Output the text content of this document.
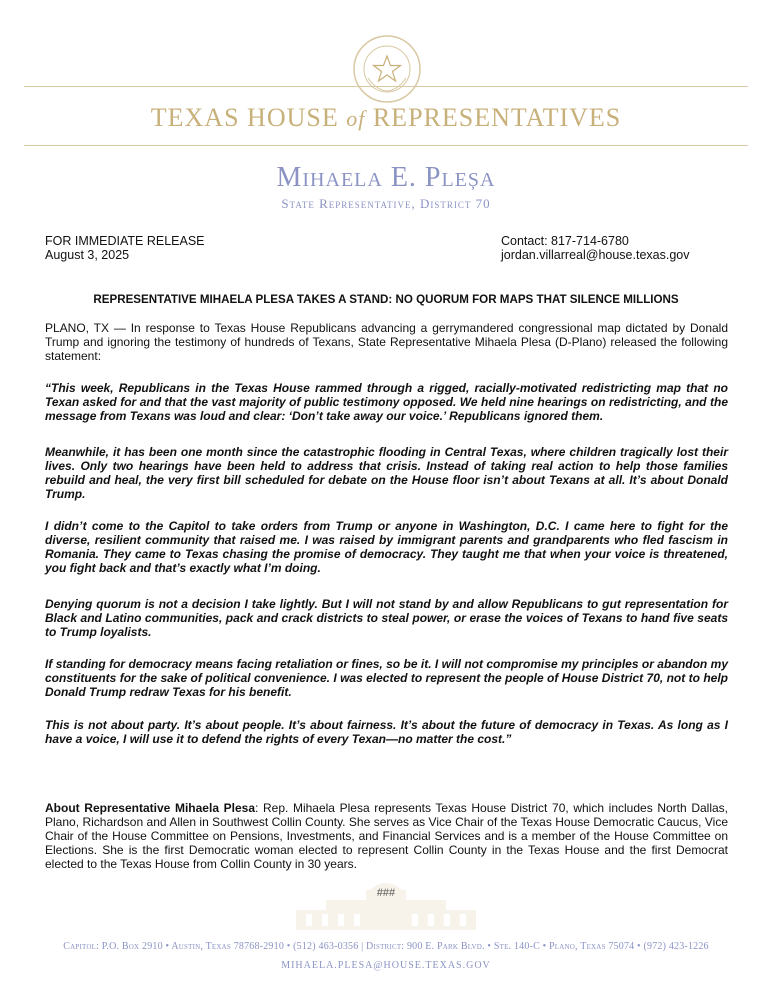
TEXAS HOUSE of REPRESENTATIVES
Mihaela E. Pleșa
State Representative, District 70
FOR IMMEDIATE RELEASE
August 3, 2025
Contact: 817-714-6780
jordan.villarreal@house.texas.gov
REPRESENTATIVE MIHAELA PLESA TAKES A STAND: NO QUORUM FOR MAPS THAT SILENCE MILLIONS

PLANO, TX — In response to Texas House Republicans advancing a gerrymandered congressional map dictated by Donald Trump and ignoring the testimony of hundreds of Texans, State Representative Mihaela Plesa (D-Plano) released the following statement:

“This week, Republicans in the Texas House rammed through a rigged, racially-motivated redistricting map that no Texan asked for and that the vast majority of public testimony opposed. We held nine hearings on redistricting, and the message from Texans was loud and clear: ‘Don’t take away our voice.’ Republicans ignored them.

Meanwhile, it has been one month since the catastrophic flooding in Central Texas, where children tragically lost their lives. Only two hearings have been held to address that crisis. Instead of taking real action to help those families rebuild and heal, the very first bill scheduled for debate on the House floor isn’t about Texans at all. It’s about Donald Trump.

I didn’t come to the Capitol to take orders from Trump or anyone in Washington, D.C. I came here to fight for the diverse, resilient community that raised me. I was raised by immigrant parents and grandparents who fled fascism in Romania. They came to Texas chasing the promise of democracy. They taught me that when your voice is threatened, you fight back and that’s exactly what I’m doing.

Denying quorum is not a decision I take lightly. But I will not stand by and allow Republicans to gut representation for Black and Latino communities, pack and crack districts to steal power, or erase the voices of Texans to hand five seats to Trump loyalists.

If standing for democracy means facing retaliation or fines, so be it. I will not compromise my principles or abandon my constituents for the sake of political convenience. I was elected to represent the people of House District 70, not to help Donald Trump redraw Texas for his benefit.

This is not about party. It’s about people. It’s about fairness. It’s about the future of democracy in Texas. As long as I have a voice, I will use it to defend the rights of every Texan—no matter the cost.”

About Representative Mihaela Plesa: Rep. Mihaela Plesa represents Texas House District 70, which includes North Dallas, Plano, Richardson and Allen in Southwest Collin County. She serves as Vice Chair of the Texas House Democratic Caucus, Vice Chair of the House Committee on Pensions, Investments, and Financial Services and is a member of the House Committee on Elections. She is the first Democratic woman elected to represent Collin County in the Texas House and the first Democrat elected to the Texas House from Collin County in 30 years.

###
Capitol: P.O. Box 2910 • Austin, Texas 78768-2910 • (512) 463-0356 | District: 900 E. Park Blvd. • Ste. 140-C • Plano, Texas 75074 • (972) 423-1226
MIHAELA.PLESA@HOUSE.TEXAS.GOV
